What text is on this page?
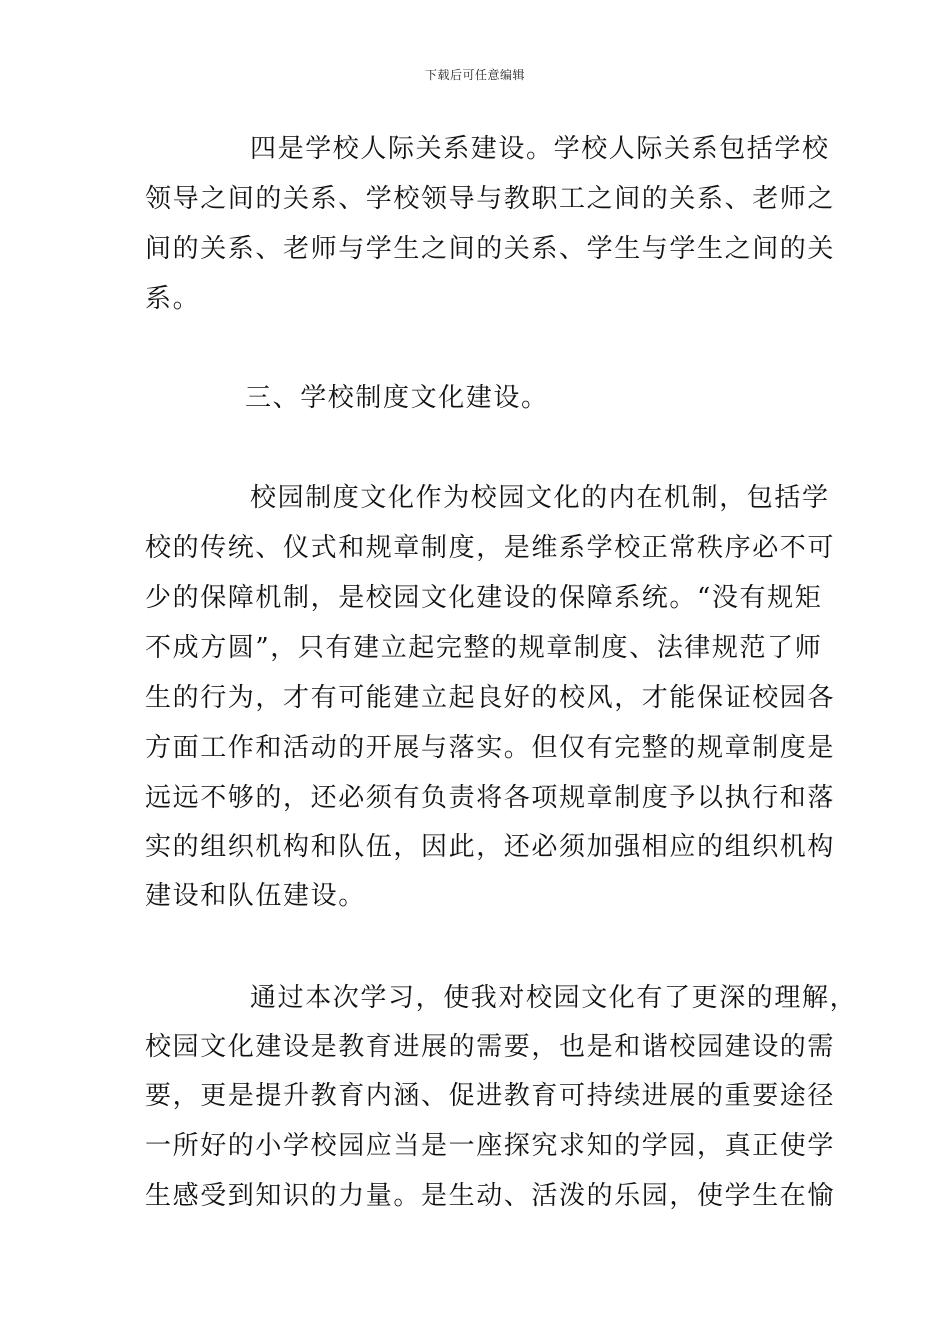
下载后可任意编辑
四是学校人际关系建设。学校人际关系包括学校
领导之间的关系、学校领导与教职工之间的关系、老师之
间的关系、老师与学生之间的关系、学生与学生之间的关
系。
三、学校制度文化建设。
校园制度文化作为校园文化的内在机制，包括学
校的传统、仪式和规章制度，是维系学校正常秩序必不可
少的保障机制，是校园文化建设的保障系统。“没有规矩
不成方圆”，只有建立起完整的规章制度、法律规范了师
生的行为，才有可能建立起良好的校风，才能保证校园各
方面工作和活动的开展与落实。但仅有完整的规章制度是
远远不够的，还必须有负责将各项规章制度予以执行和落
实的组织机构和队伍，因此，还必须加强相应的组织机构
建设和队伍建设。
通过本次学习，使我对校园文化有了更深的理解，
校园文化建设是教育进展的需要，也是和谐校园建设的需
要，更是提升教育内涵、促进教育可持续进展的重要途径
一所好的小学校园应当是一座探究求知的学园，真正使学
生感受到知识的力量。是生动、活泼的乐园，使学生在愉
